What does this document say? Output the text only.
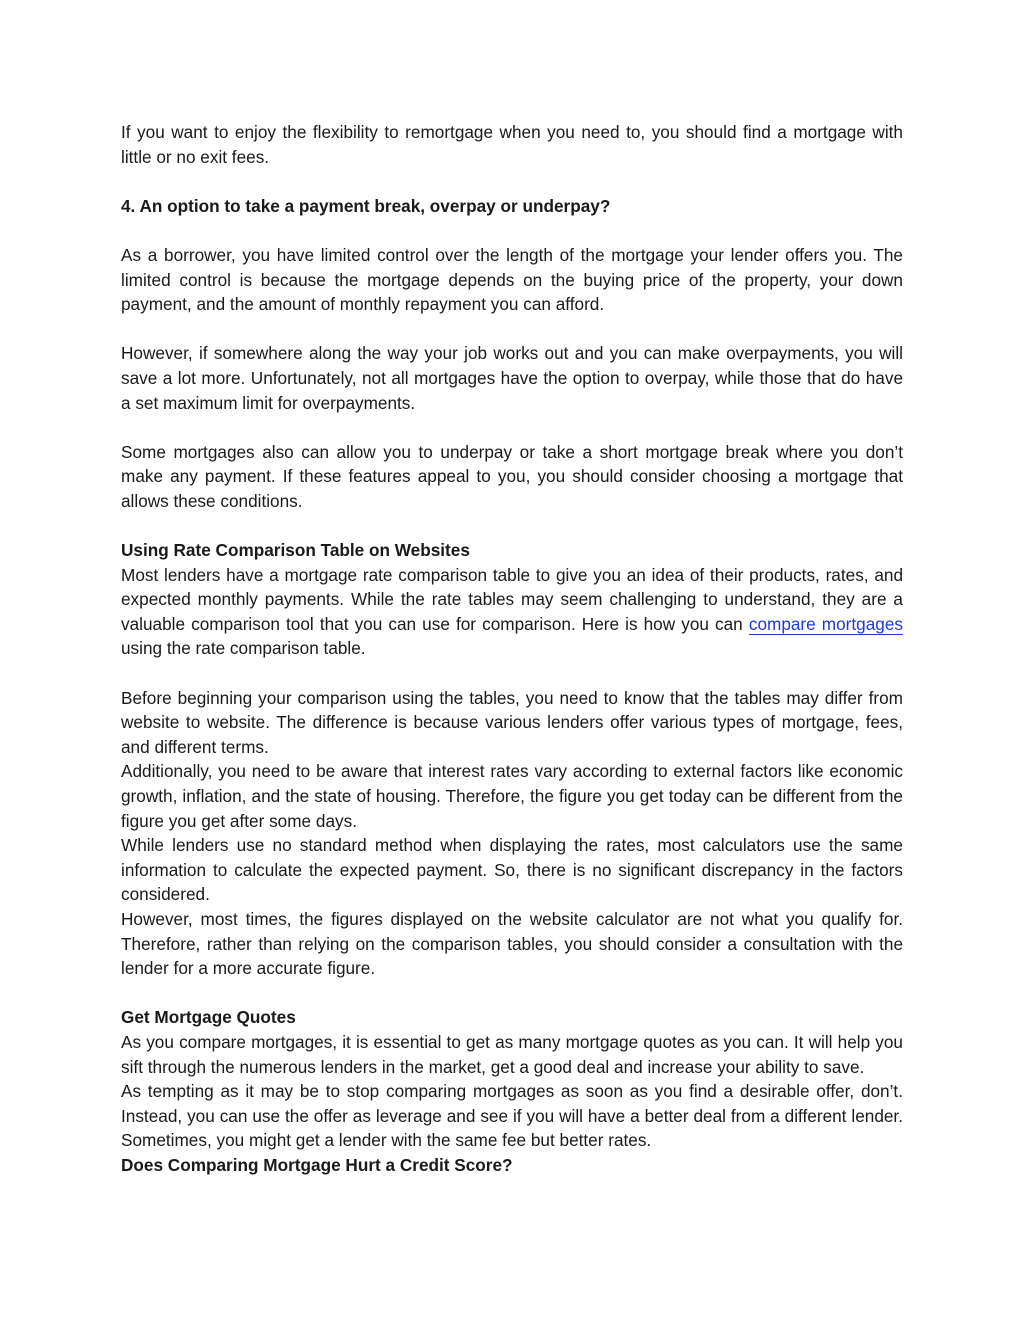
If you want to enjoy the flexibility to remortgage when you need to, you should find a mortgage with little or no exit fees.

4. An option to take a payment break, overpay or underpay?

As a borrower, you have limited control over the length of the mortgage your lender offers you. The limited control is because the mortgage depends on the buying price of the property, your down payment, and the amount of monthly repayment you can afford.

However, if somewhere along the way your job works out and you can make overpayments, you will save a lot more. Unfortunately, not all mortgages have the option to overpay, while those that do have a set maximum limit for overpayments.

Some mortgages also can allow you to underpay or take a short mortgage break where you don’t make any payment. If these features appeal to you, you should consider choosing a mortgage that allows these conditions.

Using Rate Comparison Table on Websites

Most lenders have a mortgage rate comparison table to give you an idea of their products, rates, and expected monthly payments. While the rate tables may seem challenging to understand, they are a valuable comparison tool that you can use for comparison. Here is how you can compare mortgages using the rate comparison table.

Before beginning your comparison using the tables, you need to know that the tables may differ from website to website. The difference is because various lenders offer various types of mortgage, fees, and different terms.

Additionally, you need to be aware that interest rates vary according to external factors like economic growth, inflation, and the state of housing. Therefore, the figure you get today can be different from the figure you get after some days.

While lenders use no standard method when displaying the rates, most calculators use the same information to calculate the expected payment. So, there is no significant discrepancy in the factors considered.

However, most times, the figures displayed on the website calculator are not what you qualify for. Therefore, rather than relying on the comparison tables, you should consider a consultation with the lender for a more accurate figure.

Get Mortgage Quotes

As you compare mortgages, it is essential to get as many mortgage quotes as you can. It will help you sift through the numerous lenders in the market, get a good deal and increase your ability to save.

As tempting as it may be to stop comparing mortgages as soon as you find a desirable offer, don’t. Instead, you can use the offer as leverage and see if you will have a better deal from a different lender. Sometimes, you might get a lender with the same fee but better rates.

Does Comparing Mortgage Hurt a Credit Score?
